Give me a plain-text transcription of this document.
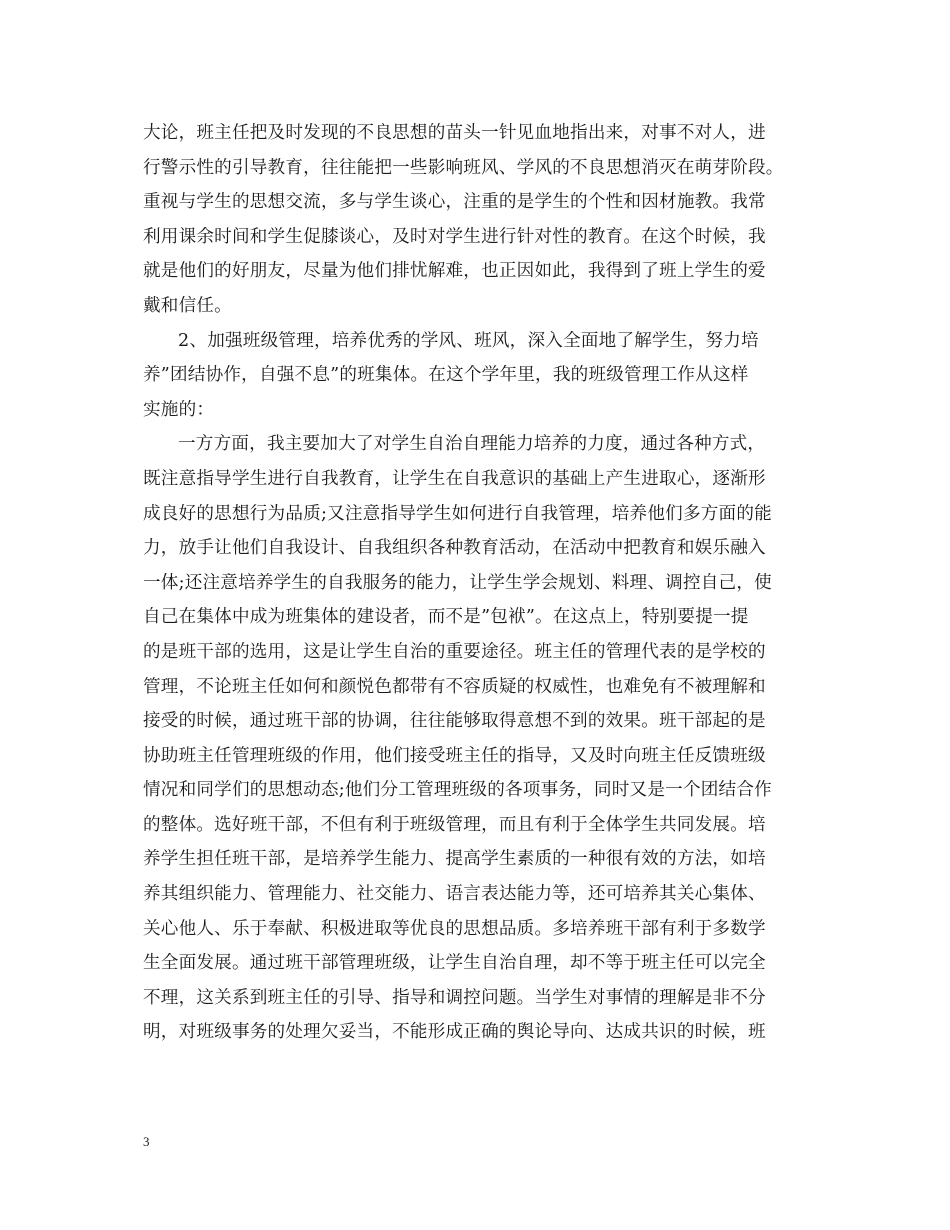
大论，班主任把及时发现的不良思想的苗头一针见血地指出来，对事不对人，进
行警示性的引导教育，往往能把一些影响班风、学风的不良思想消灭在萌芽阶段。
重视与学生的思想交流，多与学生谈心，注重的是学生的个性和因材施教。我常
利用课余时间和学生促膝谈心，及时对学生进行针对性的教育。在这个时候，我
就是他们的好朋友，尽量为他们排忧解难，也正因如此，我得到了班上学生的爱
戴和信任。
2、加强班级管理，培养优秀的学风、班风，深入全面地了解学生，努力培
养”团结协作，自强不息”的班集体。在这个学年里，我的班级管理工作从这样
实施的：
一方方面，我主要加大了对学生自治自理能力培养的力度，通过各种方式，
既注意指导学生进行自我教育，让学生在自我意识的基础上产生进取心，逐渐形
成良好的思想行为品质;又注意指导学生如何进行自我管理，培养他们多方面的能
力，放手让他们自我设计、自我组织各种教育活动，在活动中把教育和娱乐融入
一体;还注意培养学生的自我服务的能力，让学生学会规划、料理、调控自己，使
自己在集体中成为班集体的建设者，而不是”包袱”。在这点上，特别要提一提
的是班干部的选用，这是让学生自治的重要途径。班主任的管理代表的是学校的
管理，不论班主任如何和颜悦色都带有不容质疑的权威性，也难免有不被理解和
接受的时候，通过班干部的协调，往往能够取得意想不到的效果。班干部起的是
协助班主任管理班级的作用，他们接受班主任的指导，又及时向班主任反馈班级
情况和同学们的思想动态;他们分工管理班级的各项事务，同时又是一个团结合作
的整体。选好班干部，不但有利于班级管理，而且有利于全体学生共同发展。培
养学生担任班干部，是培养学生能力、提高学生素质的一种很有效的方法，如培
养其组织能力、管理能力、社交能力、语言表达能力等，还可培养其关心集体、
关心他人、乐于奉献、积极进取等优良的思想品质。多培养班干部有利于多数学
生全面发展。通过班干部管理班级，让学生自治自理，却不等于班主任可以完全
不理，这关系到班主任的引导、指导和调控问题。当学生对事情的理解是非不分
明，对班级事务的处理欠妥当，不能形成正确的舆论导向、达成共识的时候，班
3
